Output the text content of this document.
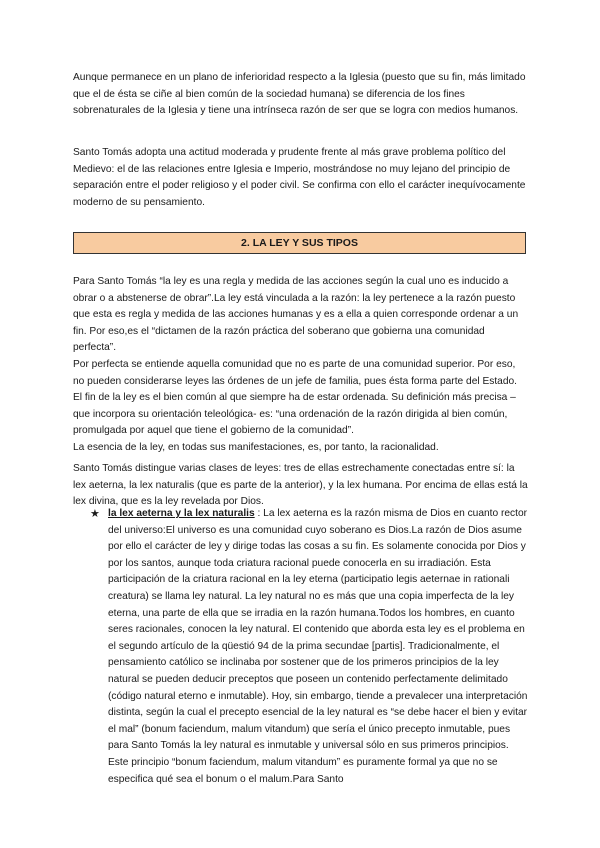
Aunque permanece en un plano de inferioridad respecto a la Iglesia (puesto que su fin, más limitado que el de ésta se ciñe al bien común de la sociedad humana) se diferencia de los fines sobrenaturales de la Iglesia y tiene una intrínseca razón de ser que se logra con medios humanos.

Santo Tomás adopta una actitud moderada y prudente frente al más grave problema político del Medievo: el de las relaciones entre Iglesia e Imperio, mostrándose no muy lejano del principio de separación entre el poder religioso y el poder civil. Se confirma con ello el carácter inequívocamente moderno de su pensamiento.

2. LA LEY Y SUS TIPOS

Para Santo Tomás “la ley es una regla y medida de las acciones según la cual uno es inducido a obrar o a abstenerse de obrar”.La ley está vinculada a la razón: la ley pertenece a la razón puesto que esta es regla y medida de las acciones humanas y es a ella a quien corresponde ordenar a un fin. Por eso,es el “dictamen de la razón práctica del soberano que gobierna una comunidad perfecta”.

Por perfecta se entiende aquella comunidad que no es parte de una comunidad superior. Por eso, no pueden considerarse leyes las órdenes de un jefe de familia, pues ésta forma parte del Estado.

El fin de la ley es el bien común al que siempre ha de estar ordenada. Su definición más precisa –que incorpora su orientación teleológica- es: “una ordenación de la razón dirigida al bien común, promulgada por aquel que tiene el gobierno de la comunidad”.

La esencia de la ley, en todas sus manifestaciones, es, por tanto, la racionalidad.

Santo Tomás distingue varias clases de leyes: tres de ellas estrechamente conectadas entre sí: la lex aeterna, la lex naturalis (que es parte de la anterior), y la lex humana. Por encima de ellas está la lex divina, que es la ley revelada por Dios.

★ la lex aeterna y la lex naturalis : La lex aeterna es la razón misma de Dios en cuanto rector del universo:El universo es una comunidad cuyo soberano es Dios.La razón de Dios asume por ello el carácter de ley y dirige todas las cosas a su fin. Es solamente conocida por Dios y por los santos, aunque toda criatura racional puede conocerla en su irradiación. Esta participación de la criatura racional en la ley eterna (participatio legis aeternae in rationali creatura) se llama ley natural. La ley natural no es más que una copia imperfecta de la ley eterna, una parte de ella que se irradia en la razón humana.Todos los hombres, en cuanto seres racionales, conocen la ley natural. El contenido que aborda esta ley es el problema en el segundo artículo de la qüestió 94 de la prima secundae [partis]. Tradicionalmente, el pensamiento católico se inclinaba por sostener que de los primeros principios de la ley natural se pueden deducir preceptos que poseen un contenido perfectamente delimitado (código natural eterno e inmutable). Hoy, sin embargo, tiende a prevalecer una interpretación distinta, según la cual el precepto esencial de la ley natural es “se debe hacer el bien y evitar el mal” (bonum faciendum, malum vitandum) que sería el único precepto inmutable, pues para Santo Tomás la ley natural es inmutable y universal sólo en sus primeros principios. Este principio “bonum faciendum, malum vitandum” es puramente formal ya que no se especifica qué sea el bonum o el malum.Para Santo
